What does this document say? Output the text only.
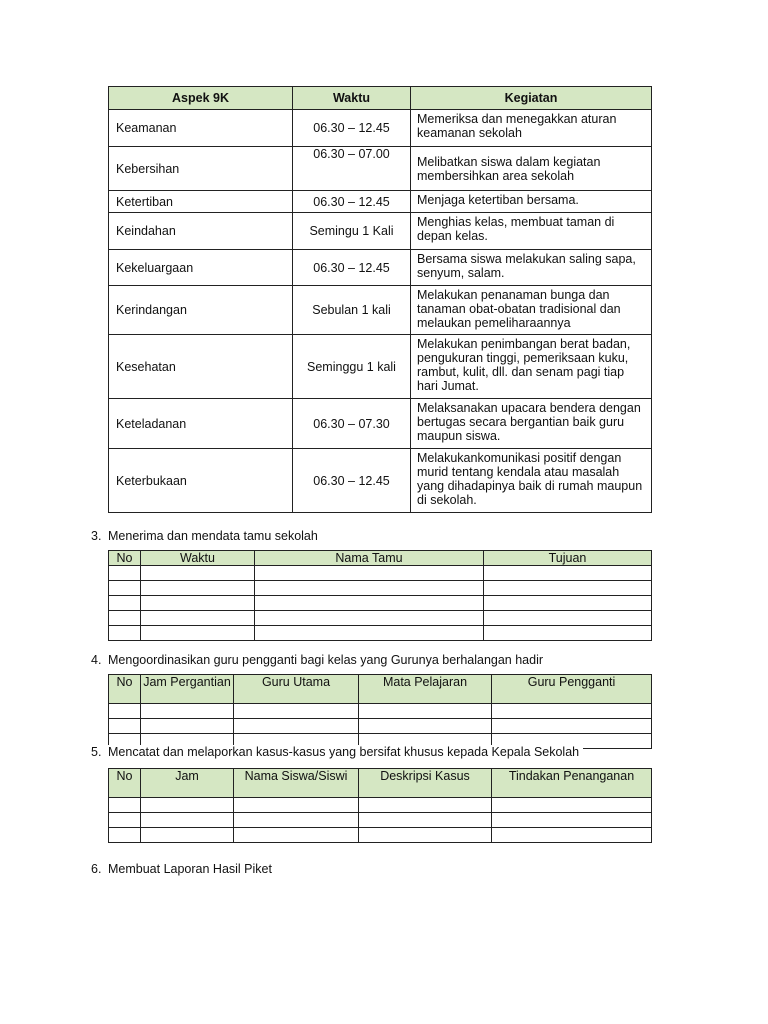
Aspek 9K	Waktu	Kegiatan
Keamanan	06.30 – 12.45	Memeriksa dan menegakkan aturan keamanan sekolah
Kebersihan	06.30 – 07.00	Melibatkan siswa dalam kegiatan membersihkan area sekolah
Ketertiban	06.30 – 12.45	Menjaga ketertiban bersama.
Keindahan	Semingu 1 Kali	Menghias kelas, membuat taman di depan kelas.
Kekeluargaan	06.30 – 12.45	Bersama siswa melakukan saling sapa, senyum, salam.
Kerindangan	Sebulan 1 kali	Melakukan penanaman bunga dan tanaman obat-obatan tradisional dan melaukan pemeliharaannya
Kesehatan	Seminggu 1 kali	Melakukan penimbangan berat badan, pengukuran tinggi, pemeriksaan kuku, rambut, kulit, dll. dan senam pagi tiap hari Jumat.
Keteladanan	06.30 – 07.30	Melaksanakan upacara bendera dengan bertugas secara bergantian baik guru maupun siswa.
Keterbukaan	06.30 – 12.45	Melakukankomunikasi positif dengan murid tentang kendala atau masalah yang dihadapinya baik di rumah maupun di sekolah.
3. Menerima dan mendata tamu sekolah
No	Waktu	Nama Tamu	Tujuan

4. Mengoordinasikan guru pengganti bagi kelas yang Gurunya berhalangan hadir
No	Jam Pergantian	Guru Utama	Mata Pelajaran	Guru Pengganti

5. Mencatat dan melaporkan kasus-kasus yang bersifat khusus kepada Kepala Sekolah
No	Jam	Nama Siswa/Siswi	Deskripsi Kasus	Tindakan Penanganan

6. Membuat Laporan Hasil Piket
